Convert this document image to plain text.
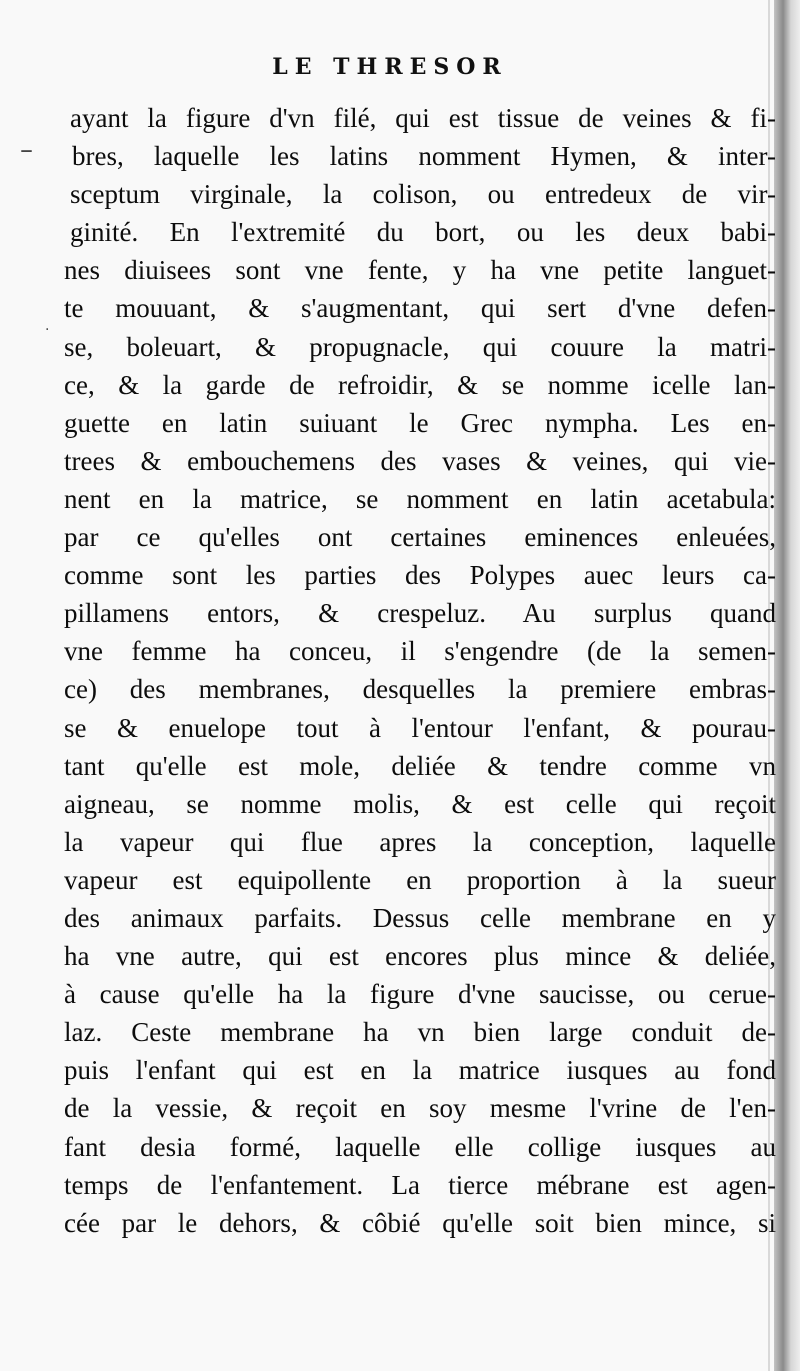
LE THRESOR
–
·
ayant la figure d'vn filé, qui est tissue de veines & fi-
bres, laquelle les latins nomment Hymen, & inter-
sceptum virginale, la colison, ou entredeux de vir-
ginité. En l'extremité du bort, ou les deux babi-
nes diuisees sont vne fente, y ha vne petite languet-
te mouuant, & s'augmentant, qui sert d'vne defen-
se, boleuart, & propugnacle, qui couure la matri-
ce, & la garde de refroidir, & se nomme icelle lan-
guette en latin suiuant le Grec nympha. Les en-
trees & embouchemens des vases & veines, qui vie-
nent en la matrice, se nomment en latin acetabula:
par ce qu'elles ont certaines eminences enleuées,
comme sont les parties des Polypes auec leurs ca-
pillamens entors, & crespeluz. Au surplus quand
vne femme ha conceu, il s'engendre (de la semen-
ce) des membranes, desquelles la premiere embras-
se & enuelope tout à l'entour l'enfant, & pourau-
tant qu'elle est mole, deliée & tendre comme vn
aigneau, se nomme molis, & est celle qui reçoit
la vapeur qui flue apres la conception, laquelle
vapeur est equipollente en proportion à la sueur
des animaux parfaits. Dessus celle membrane en y
ha vne autre, qui est encores plus mince & deliée,
à cause qu'elle ha la figure d'vne saucisse, ou cerue-
laz. Ceste membrane ha vn bien large conduit de-
puis l'enfant qui est en la matrice iusques au fond
de la vessie, & reçoit en soy mesme l'vrine de l'en-
fant desia formé, laquelle elle collige iusques au
temps de l'enfantement. La tierce mébrane est agen-
cée par le dehors, & côbié qu'elle soit bien mince, si
